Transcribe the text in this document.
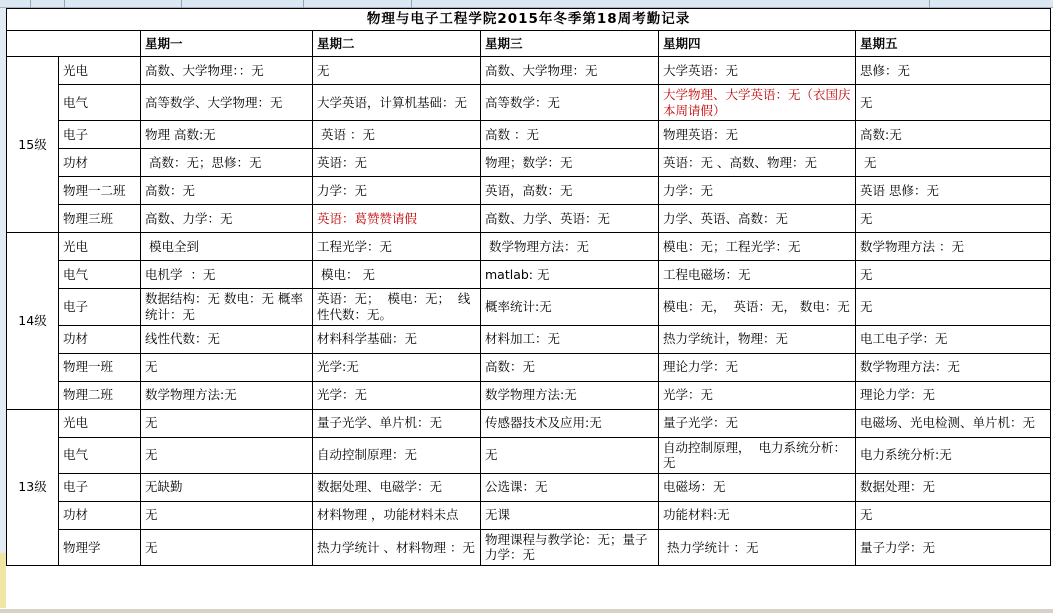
物理与电子工程学院2015年冬季第18周考勤记录						
		星期一	星期二	星期三	星期四	星期五
15级	光电	高数、大学物理：：无	无	高数、大学物理：无	大学英语：无	思修：无
	电气	高等数学、大学物理：无	大学英语，计算机基础：无	高等数学：无	大学物理、大学英语：无（衣国庆本周请假）	无
	电子	物理 高数:无	英语 ：无	高数 ：无	物理英语：无	高数:无
	功材	高数：无；思修：无	英语：无	物理；数学：无	英语：无 、高数、物理：无	无
	物理一二班	高数：无	力学：无	英语，高数：无	力学：无	英语 思修：无
	物理三班	高数、力学：无	英语：葛赞赞请假	高数、力学、英语：无	力学、英语、高数：无	无
14级	光电	模电全到	工程光学：无	数学物理方法：无	模电：无；工程光学：无	数学物理方法 ：无
	电气	电机学  ：无	模电： 无	matlab: 无	工程电磁场：无	无
	电子	数据结构：无 数电：无 概率统计：无	英语：无；  模电：无；  线性代数：无。	概率统计:无	模电：无，  英语：无， 数电：无	无
	功材	线性代数：无	材料科学基础：无	材料加工：无	热力学统计，物理：无	电工电子学：无
	物理一班	无	光学:无	高数：无	理论力学：无	数学物理方法：无
	物理二班	数学物理方法:无	光学：无	数学物理方法:无	光学：无	理论力学：无
13级	光电	无	量子光学、单片机：无	传感器技术及应用:无	量子光学：无	电磁场、光电检测、单片机：无
	电气	无	自动控制原理：无	无	自动控制原理，  电力系统分析：无	电力系统分析:无
	电子	无缺勤	数据处理、电磁学：无	公选课：无	电磁场：无	数据处理：无
	功材	无	材料物理 ，功能材料未点	无课	功能材料:无	无
	物理学	无	热力学统计 、材料物理 ：无	物理课程与教学论：无；量子力学：无	热力学统计 ：无	量子力学：无
